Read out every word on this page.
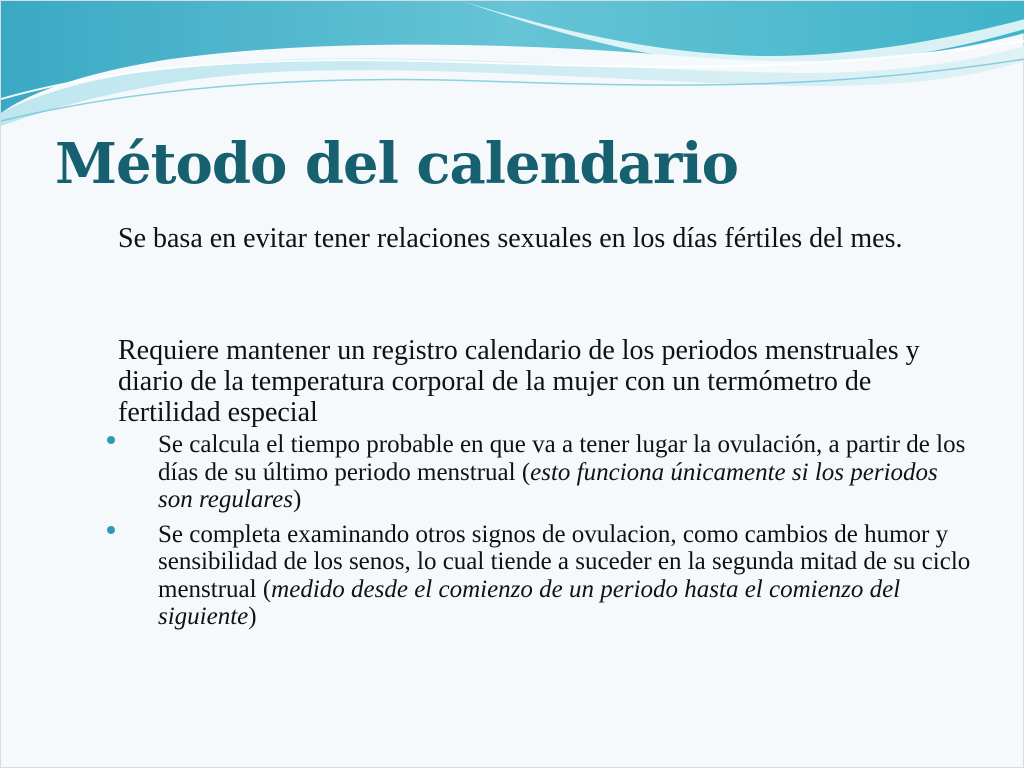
Método del calendario

Se basa en evitar tener relaciones sexuales en los días fértiles del mes.

Requiere mantener un registro calendario de los periodos menstruales y diario de la temperatura corporal de la mujer con un termómetro de fertilidad especial

Se calcula el tiempo probable en que va a tener lugar la ovulación, a partir de los días de su último periodo menstrual (esto funciona únicamente si los periodos son regulares)
Se completa examinando otros signos de ovulacion, como cambios de humor y sensibilidad de los senos, lo cual tiende a suceder en la segunda mitad de su ciclo menstrual (medido desde el comienzo de un periodo hasta el comienzo del siguiente)
